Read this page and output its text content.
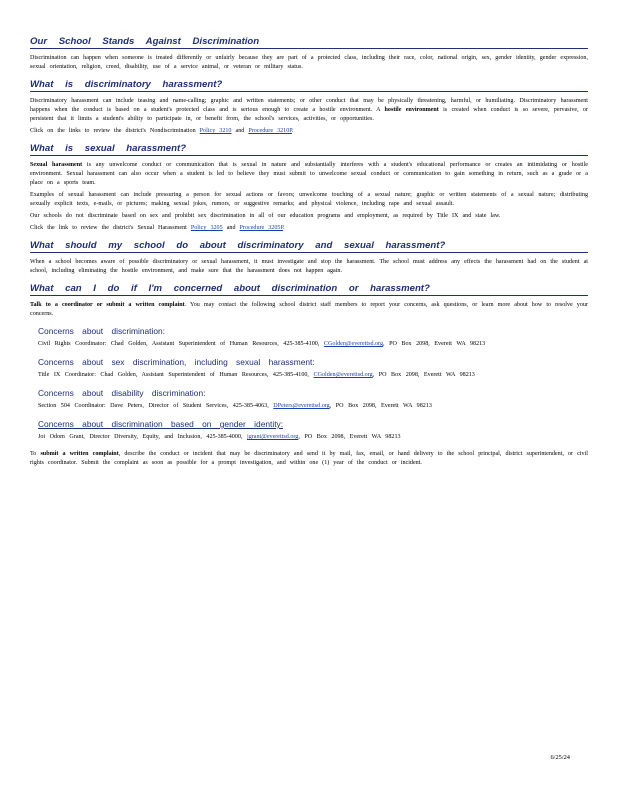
Our School Stands Against Discrimination

Discrimination can happen when someone is treated differently or unfairly because they are part of a protected class, including their race, color, national origin, sex, gender identity, gender expression, sexual orientation, religion, creed, disability, use of a service animal, or veteran or military status.

What is discriminatory harassment?

Discriminatory harassment can include teasing and name-calling; graphic and written statements; or other conduct that may be physically threatening, harmful, or humiliating. Discriminatory harassment happens when the conduct is based on a student's protected class and is serious enough to create a hostile environment. A hostile environment is created when conduct is so severe, pervasive, or persistent that it limits a student's ability to participate in, or benefit from, the school's services, activities, or opportunities.

Click on the links to review the district's Nondiscrimination Policy 3210 and Procedure 3210P.

What is sexual harassment?

Sexual harassment is any unwelcome conduct or communication that is sexual in nature and substantially interferes with a student's educational performance or creates an intimidating or hostile environment. Sexual harassment can also occur when a student is led to believe they must submit to unwelcome sexual conduct or communication to gain something in return, such as a grade or a place on a sports team.

Examples of sexual harassment can include pressuring a person for sexual actions or favors; unwelcome touching of a sexual nature; graphic or written statements of a sexual nature; distributing sexually explicit texts, e-mails, or pictures; making sexual jokes, rumors, or suggestive remarks; and physical violence, including rape and sexual assault.

Our schools do not discriminate based on sex and prohibit sex discrimination in all of our education programs and employment, as required by Title IX and state law.

Click the link to review the district's Sexual Harassment Policy 3205 and Procedure 3205P.

What should my school do about discriminatory and sexual harassment?

When a school becomes aware of possible discriminatory or sexual harassment, it must investigate and stop the harassment. The school must address any effects the harassment had on the student at school, including eliminating the hostile environment, and make sure that the harassment does not happen again.

What can I do if I'm concerned about discrimination or harassment?

Talk to a coordinator or submit a written complaint. You may contact the following school district staff members to report your concerns, ask questions, or learn more about how to resolve your concerns.

Concerns about discrimination:

Civil Rights Coordinator: Chad Golden, Assistant Superintendent of Human Resources, 425-385-4100, CGolden@everettsd.org, PO Box 2098, Everett WA 98213

Concerns about sex discrimination, including sexual harassment:

Title IX Coordinator: Chad Golden, Assistant Superintendent of Human Resources, 425-385-4100, CGolden@everettsd.org, PO Box 2098, Everett WA 98213

Concerns about disability discrimination:

Section 504 Coordinator: Dave Peters, Director of Student Services, 425-385-4063, DPeters@everettsd.org, PO Box 2098, Everett WA 98213

Concerns about discrimination based on gender identity:

Joi Odom Grant, Director Diversity, Equity, and Inclusion, 425-385-4000, jgrant@everettsd.org, PO Box 2098, Everett WA 98213

To submit a written complaint, describe the conduct or incident that may be discriminatory and send it by mail, fax, email, or hand delivery to the school principal, district superintendent, or civil rights coordinator. Submit the complaint as soon as possible for a prompt investigation, and within one (1) year of the conduct or incident.

6/25/24
